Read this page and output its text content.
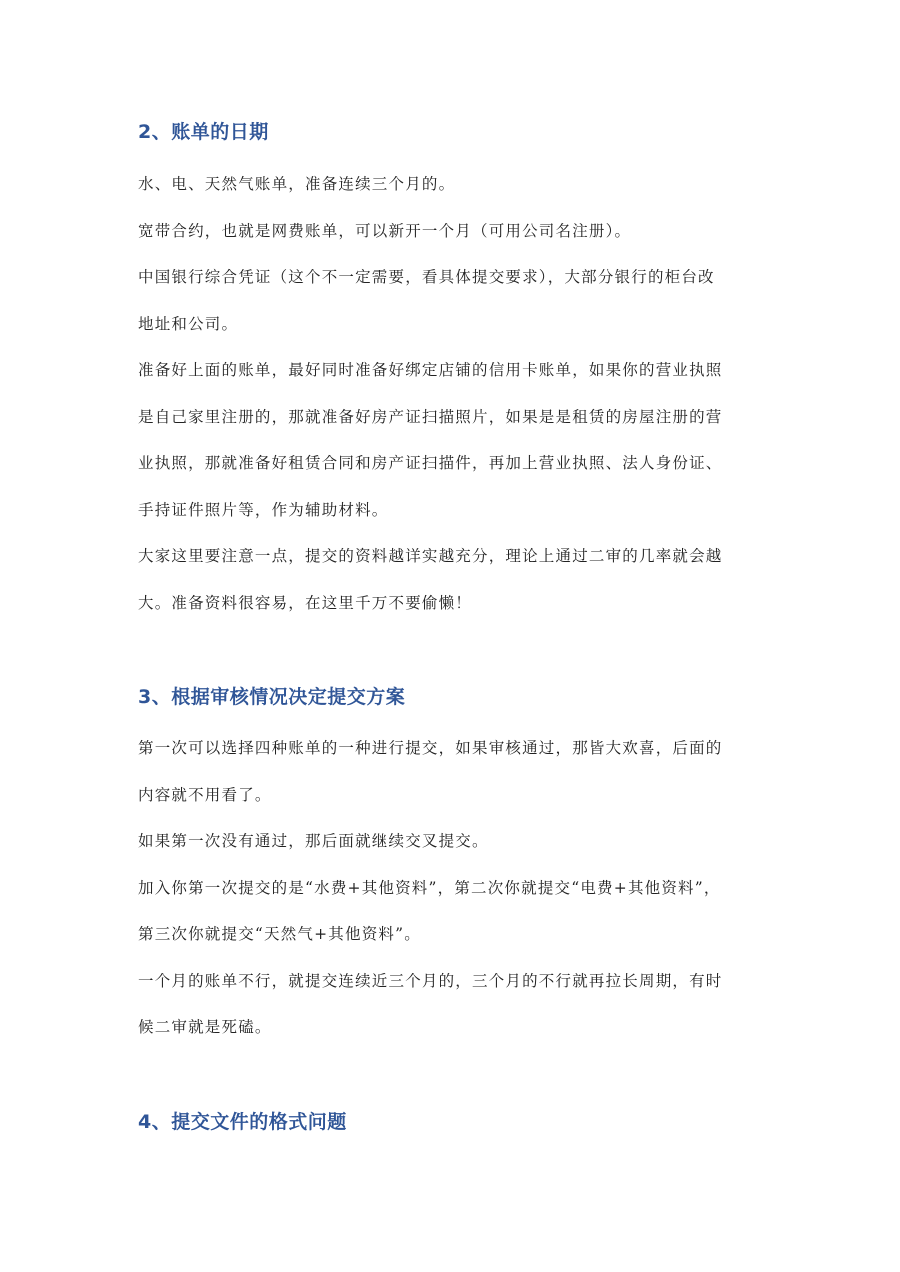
2、账单的日期

水、电、天然气账单，准备连续三个月的。

宽带合约，也就是网费账单，可以新开一个月（可用公司名注册）。

中国银行综合凭证（这个不一定需要，看具体提交要求），大部分银行的柜台改

地址和公司。

准备好上面的账单，最好同时准备好绑定店铺的信用卡账单，如果你的营业执照

是自己家里注册的，那就准备好房产证扫描照片，如果是是租赁的房屋注册的营

业执照，那就准备好租赁合同和房产证扫描件，再加上营业执照、法人身份证、

手持证件照片等，作为辅助材料。

大家这里要注意一点，提交的资料越详实越充分，理论上通过二审的几率就会越

大。准备资料很容易，在这里千万不要偷懒！

3、根据审核情况决定提交方案

第一次可以选择四种账单的一种进行提交，如果审核通过，那皆大欢喜，后面的

内容就不用看了。

如果第一次没有通过，那后面就继续交叉提交。

加入你第一次提交的是“水费+其他资料”，第二次你就提交“电费+其他资料”，

第三次你就提交“天然气+其他资料”。

一个月的账单不行，就提交连续近三个月的，三个月的不行就再拉长周期，有时

候二审就是死磕。

4、提交文件的格式问题
